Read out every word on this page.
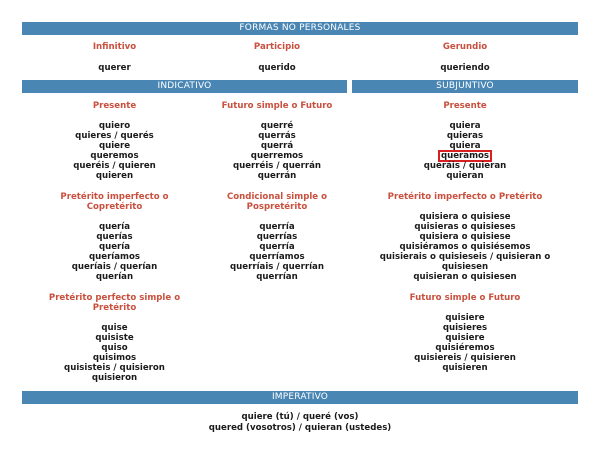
FORMAS NO PERSONALES
Infinitivo
querer
Participio
querido
Gerundio
queriendo
INDICATIVO	SUBJUNTIVO
Presente
quiero
quieres / querés
quiere
queremos
queréis / quieren
quieren
Futuro simple o Futuro
querré
querrás
querrá
querremos
querréis / querrán
querrán
Presente
quiera
quieras
quiera
queramos
queráis / quieran
quieran
Pretérito imperfecto o
Copretérito
quería
querías
quería
queríamos
queríais / querían
querían
Condicional simple o
Pospretérito
querría
querrías
querría
querríamos
querríais / querrían
querrían
Pretérito imperfecto o Pretérito
quisiera o quisiese
quisieras o quisieses
quisiera o quisiese
quisiéramos o quisiésemos
quisierais o quisieseis / quisieran o
quisiesen
quisieran o quisiesen
Pretérito perfecto simple o
Pretérito
quise
quisiste
quiso
quisimos
quisisteis / quisieron
quisieron
Futuro simple o Futuro
quisiere
quisieres
quisiere
quisiéremos
quisiereis / quisieren
quisieren
IMPERATIVO
quiere (tú) / queré (vos)
quered (vosotros) / quieran (ustedes)
